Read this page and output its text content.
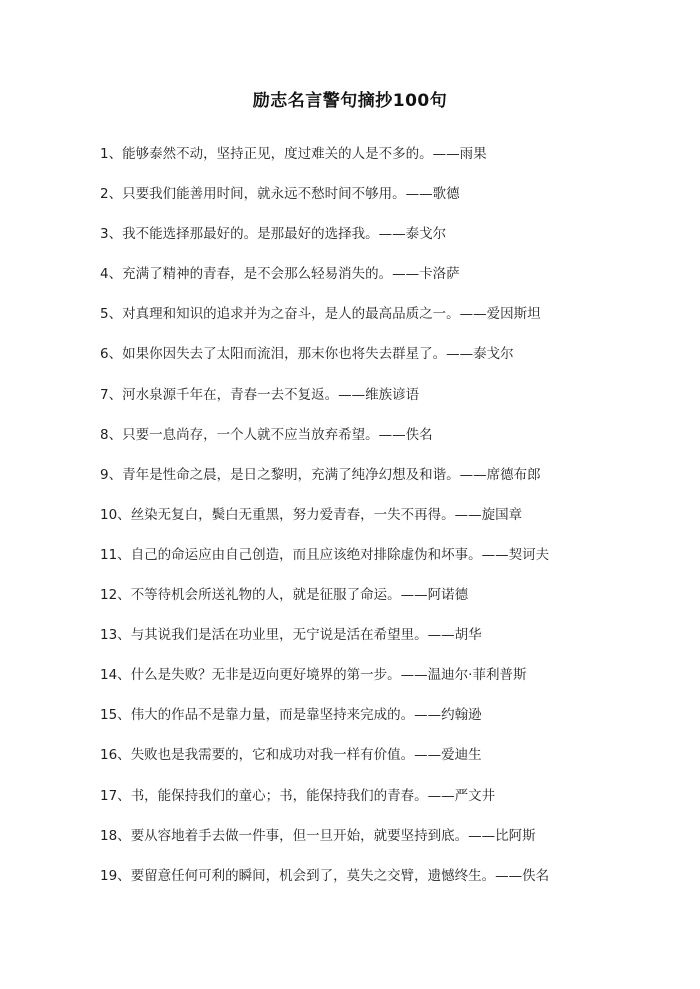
励志名言警句摘抄100句
1、能够泰然不动，坚持正见，度过难关的人是不多的。——雨果
2、只要我们能善用时间，就永远不愁时间不够用。——歌德
3、我不能选择那最好的。是那最好的选择我。——泰戈尔
4、充满了精神的青春，是不会那么轻易消失的。——卡洛萨
5、对真理和知识的追求并为之奋斗，是人的最高品质之一。——爱因斯坦
6、如果你因失去了太阳而流泪，那末你也将失去群星了。——泰戈尔
7、河水泉源千年在，青春一去不复返。——维族谚语
8、只要一息尚存，一个人就不应当放弃希望。——佚名
9、青年是性命之晨，是日之黎明，充满了纯净幻想及和谐。——席德布郎
10、丝染无复白，鬓白无重黑，努力爱青春，一失不再得。——旋国章
11、自己的命运应由自己创造，而且应该绝对排除虚伪和坏事。——契诃夫
12、不等待机会所送礼物的人，就是征服了命运。——阿诺德
13、与其说我们是活在功业里，无宁说是活在希望里。——胡华
14、什么是失败？无非是迈向更好境界的第一步。——温迪尔·菲利普斯
15、伟大的作品不是靠力量，而是靠坚持来完成的。——约翰逊
16、失败也是我需要的，它和成功对我一样有价值。——爱迪生
17、书，能保持我们的童心；书，能保持我们的青春。——严文井
18、要从容地着手去做一件事，但一旦开始，就要坚持到底。——比阿斯
19、要留意任何可利的瞬间，机会到了，莫失之交臂，遗憾终生。——佚名
